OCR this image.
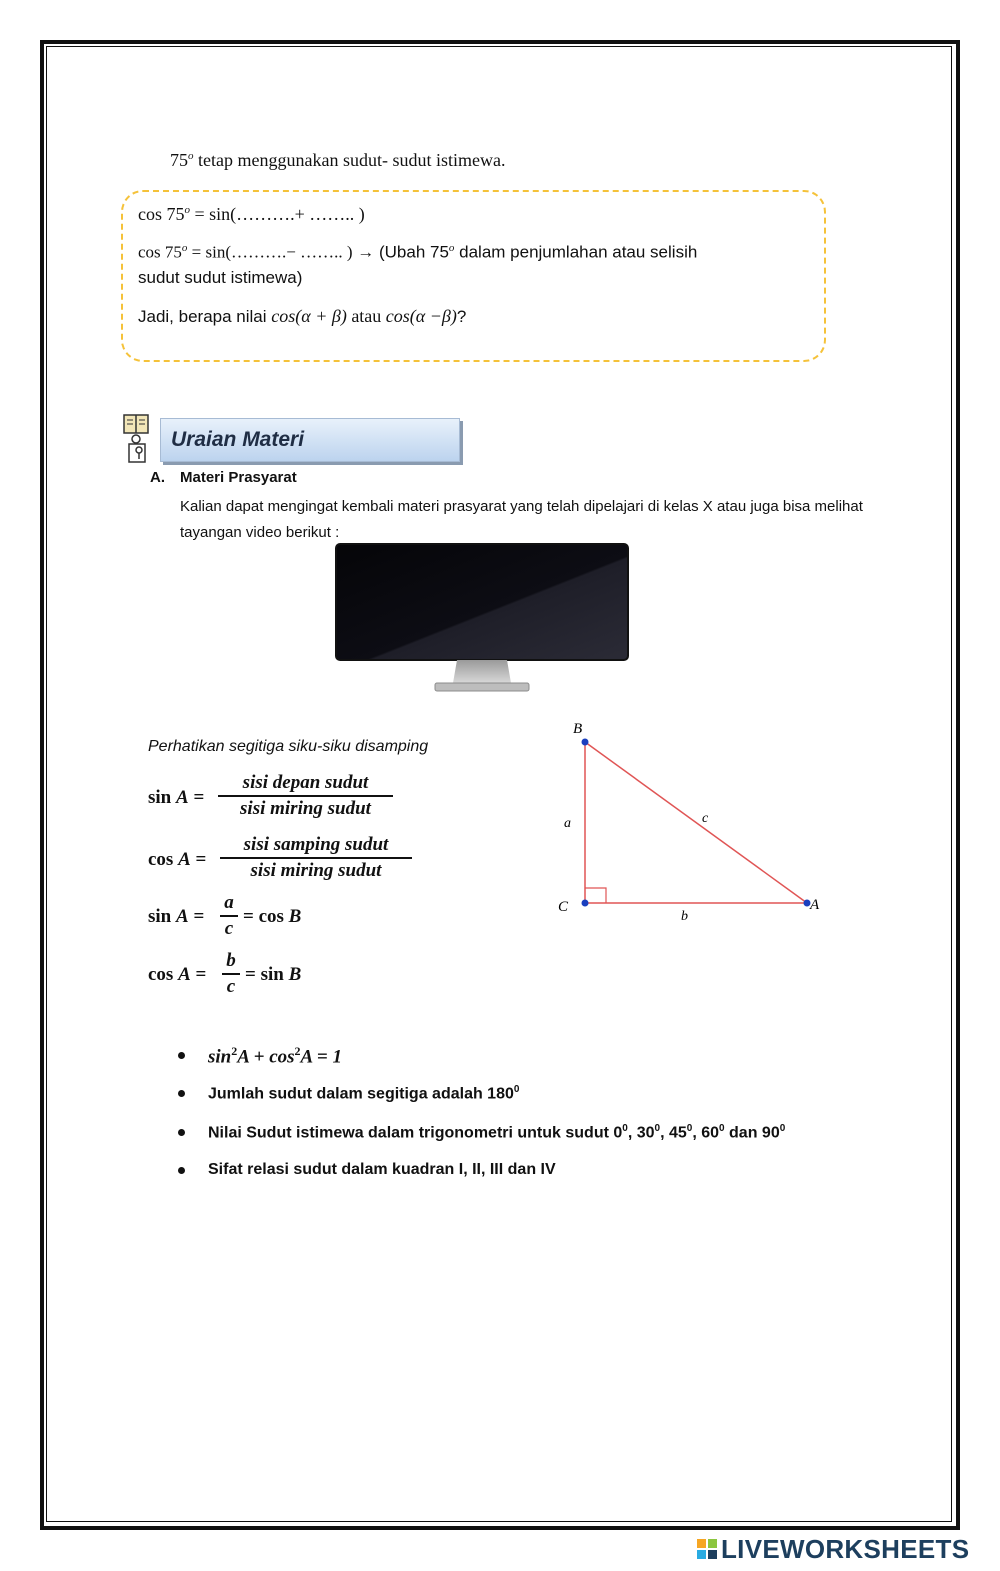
75$^o$ tetap menggunakan sudut- sudut istimewa.
$\cos 75^o$ = sin(……….+ …….. )
$\cos 75^o$ = sin(……….− …….. ) → (Ubah 75$^o$ dalam penjumlahan atau selisih
sudut sudut istimewa)
Jadi, berapa nilai cos(α + β) atau cos(α −β)?
Uraian Materi
A. Materi Prasyarat
Kalian dapat mengingat kembali materi prasyarat yang telah dipelajari di kelas X atau juga bisa melihat tayangan video berikut :
Perhatikan segitiga siku-siku disamping
sin A =
sisi depan sudut
sisi miring sudut
cos A =
sisi samping sudut
sisi miring sudut
sin A =
a
c
= cos B
cos A =
b
c
= sin B
B
C	A
a
b
c
$\sin^2A + \cos^2A = 1$
Jumlah sudut dalam segitiga adalah $180^0$
Nilai Sudut istimewa dalam trigonometri untuk sudut $0^0$, $30^0$, $45^0$, $60^0$ dan $90^0$
Sifat relasi sudut dalam kuadran I, II, III dan IV
LIVEWORKSHEETS
